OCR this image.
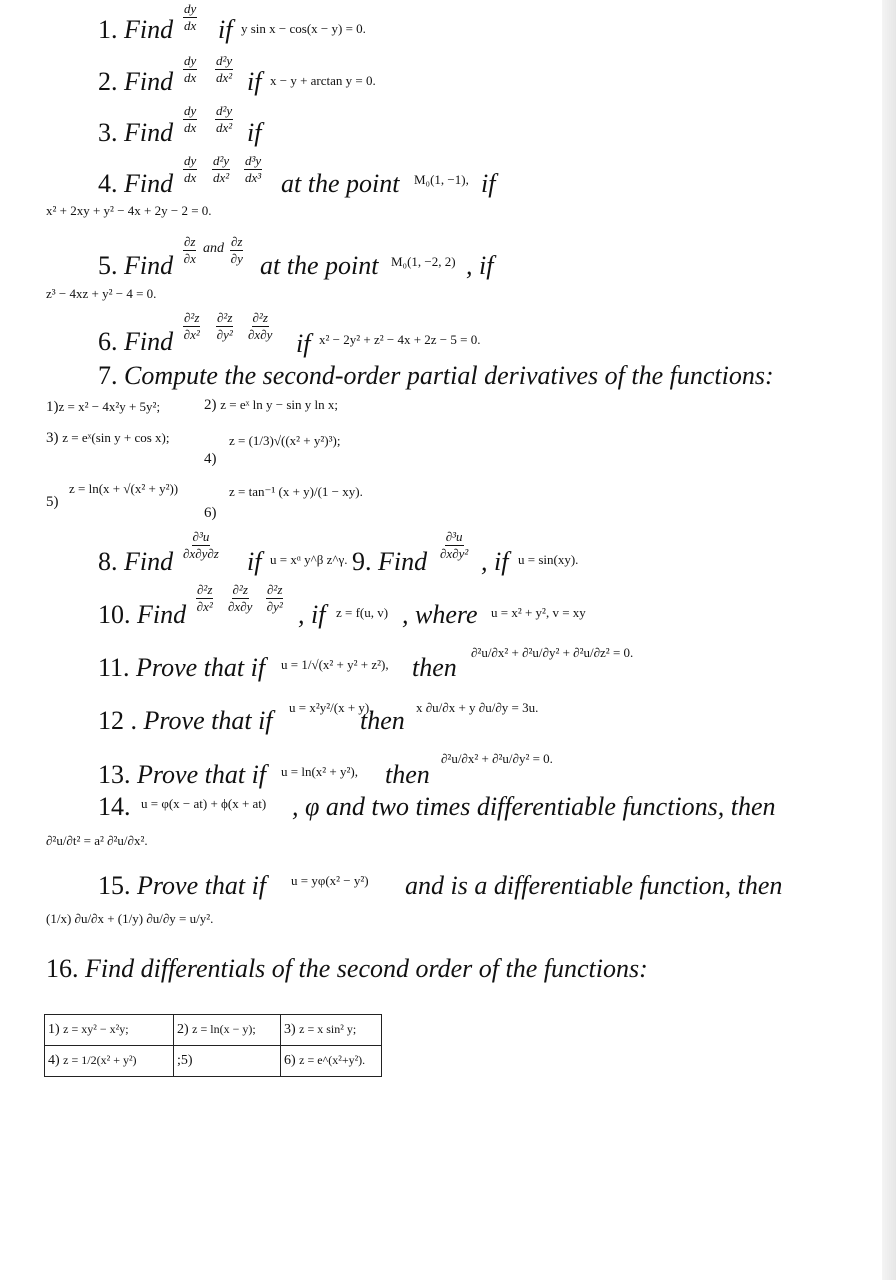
1. Find $\frac{dy}{dx}$ if y sin x − cos(x − y) = 0.
2. Find $\frac{dy}{dx} \frac{\text{d²y}}{\text{dx²}}$ if x − y + arctan y = 0.
3. Find $\frac{dy}{dx} \frac{\text{d²y}}{\text{dx²}}$ if
4. Find $\frac{dy}{dx} \frac{\text{d²y}}{\text{dx²}} \frac{\text{d³y}}{\text{dx³}}$ at the point M₀(1, −1), if
x² + 2xy + y² − 4x + 2y − 2 = 0.
5. Find
$\frac{\partial z}{\partial x}$ and $\frac{\partial z}{\partial y}$
at the point M₀(1, −2, 2) , if
z³ − 4xz + y² − 4 = 0.
6. Find
$\frac{\text{∂²z}}{\text{∂x²}} \frac{\text{∂²z}}{\text{∂y²}} \frac{\text{∂²z}}{\partial x\partial y}$
if x² − 2y² + z² − 4x + 2z − 5 = 0.
7. Compute the second-order partial derivatives of the functions:
1)z = x² − 4x²y + 5y²;	2) z = eˣ ln y − sin y ln x;
3) z = eˣ(sin y + cos x);
4)
z = (1/3)√((x² + y²)³);
5)
z = ln(x + √(x² + y²))
6)
z = tan⁻¹ (x + y)/(1 − xy).
8. Find
$\frac{\text{∂³u}}{\partial x\partial y\partial z}$
if u = xᵅ y^β z^γ. 9. Find
$\frac{\text{∂³u}}{\text{∂x∂y²}}$
, if u = sin(xy).
10. Find
$\frac{\text{∂²z}}{\text{∂x²}} \frac{\text{∂²z}}{\partial x\partial y} \frac{\text{∂²z}}{\text{∂y²}}$
, if z = f(u, v) , where u = x² + y², v = xy
11. Prove that if u = 1/√(x² + y² + z²), then
∂²u/∂x² + ∂²u/∂y² + ∂²u/∂z² = 0.
12 . Prove that if u = x²y²/(x + y),
then x ∂u/∂x + y ∂u/∂y = 3u.
13. Prove that if u = ln(x² + y²), then
∂²u/∂x² + ∂²u/∂y² = 0.
14. u = φ(x − at) + ϕ(x + at) , φ and two times differentiable functions, then
∂²u/∂t² = a² ∂²u/∂x².
15. Prove that if u = yφ(x² − y²) and is a differentiable function, then
(1/x) ∂u/∂x + (1/y) ∂u/∂y = u/y².
16. Find differentials of the second order of the functions:
1) z = xy² − x²y;	2) z = ln(x − y);	3) z = x sin² y;
4) z = 1/2(x² + y²)	;5)	6) z = e^(x²+y²).
